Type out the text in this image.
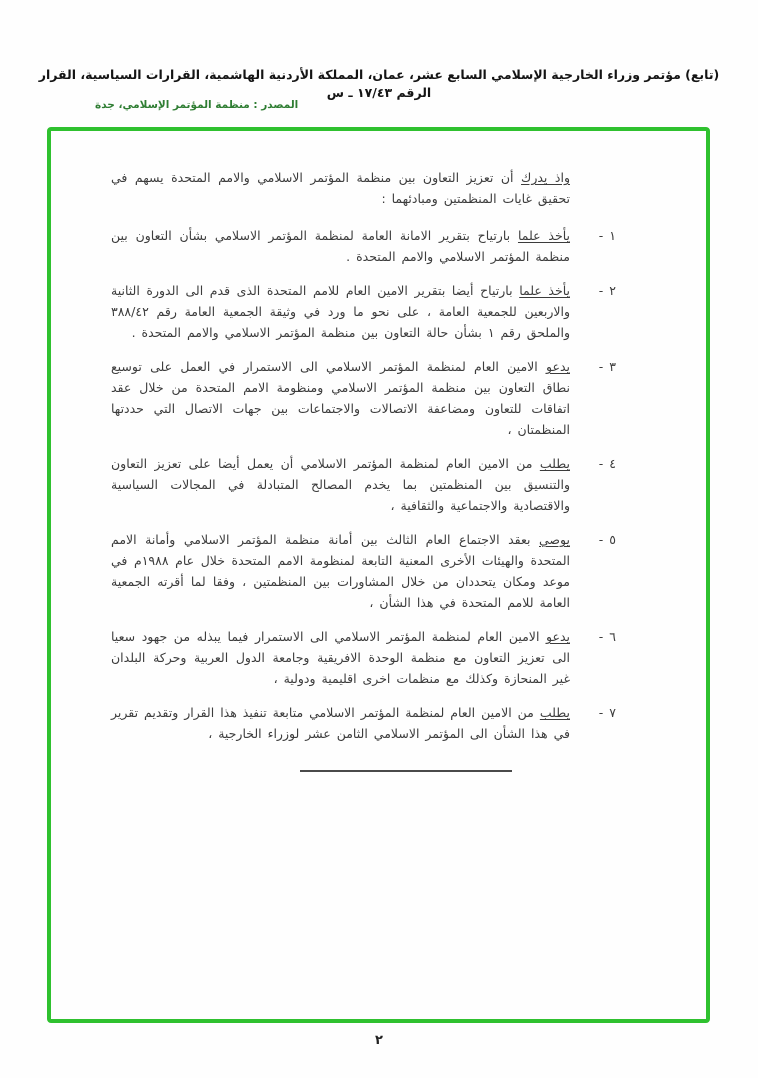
(تابع) مؤتمر وزراء الخارجية الإسلامي السابع عشر، عمان، المملكة الأردنية الهاشمية، القرارات السياسية، القرار الرقم ١٧/٤٣ ـ س
المصدر : منظمة المؤتمر الإسلامي، جدة

واذ يدرك أن تعزيز التعاون بين منظمة المؤتمر الاسلامي والامم المتحدة يسهم في تحقيق غايات المنظمتين ومبادئهما :

١ -
يأخذ علما بارتياح بتقرير الامانة العامة لمنظمة المؤتمر الاسلامي بشأن التعاون بين منظمة المؤتمر الاسلامي والامم المتحدة .
٢ -
يأخذ علما بارتياح أيضا بتقرير الامين العام للامم المتحدة الذى قدم الى الدورة الثانية والاربعين للجمعية العامة ، على نحو ما ورد في وثيقة الجمعية العامة رقم ٣٨٨/٤٢ والملحق رقم ١ بشأن حالة التعاون بين منظمة المؤتمر الاسلامي والامم المتحدة .
٣ -
يدعو الامين العام لمنظمة المؤتمر الاسلامي الى الاستمرار في العمل على توسيع نطاق التعاون بين منظمة المؤتمر الاسلامي ومنظومة الامم المتحدة من خلال عقد اتفاقات للتعاون ومضاعفة الاتصالات والاجتماعات بين جهات الاتصال التي حددتها المنظمتان ،
٤ -
يطلب من الامين العام لمنظمة المؤتمر الاسلامي أن يعمل أيضا على تعزيز التعاون والتنسيق بين المنظمتين بما يخدم المصالح المتبادلة في المجالات السياسية والاقتصادية والاجتماعية والثقافية ،
٥ -
يوصي بعقد الاجتماع العام الثالث بين أمانة منظمة المؤتمر الاسلامي وأمانة الامم المتحدة والهيئات الأخرى المعنية التابعة لمنظومة الامم المتحدة خلال عام ١٩٨٨م في موعد ومكان يتحددان من خلال المشاورات بين المنظمتين ، وفقا لما أقرته الجمعية العامة للامم المتحدة في هذا الشأن ،
٦ -
يدعو الامين العام لمنظمة المؤتمر الاسلامي الى الاستمرار فيما يبذله من جهود سعيا الى تعزيز التعاون مع منظمة الوحدة الافريقية وجامعة الدول العربية وحركة البلدان غير المنحازة وكذلك مع منظمات اخرى اقليمية ودولية ،
٧ -
يطلب من الامين العام لمنظمة المؤتمر الاسلامي متابعة تنفيذ هذا القرار وتقديم تقرير في هذا الشأن الى المؤتمر الاسلامي الثامن عشر لوزراء الخارجية ،
٢
